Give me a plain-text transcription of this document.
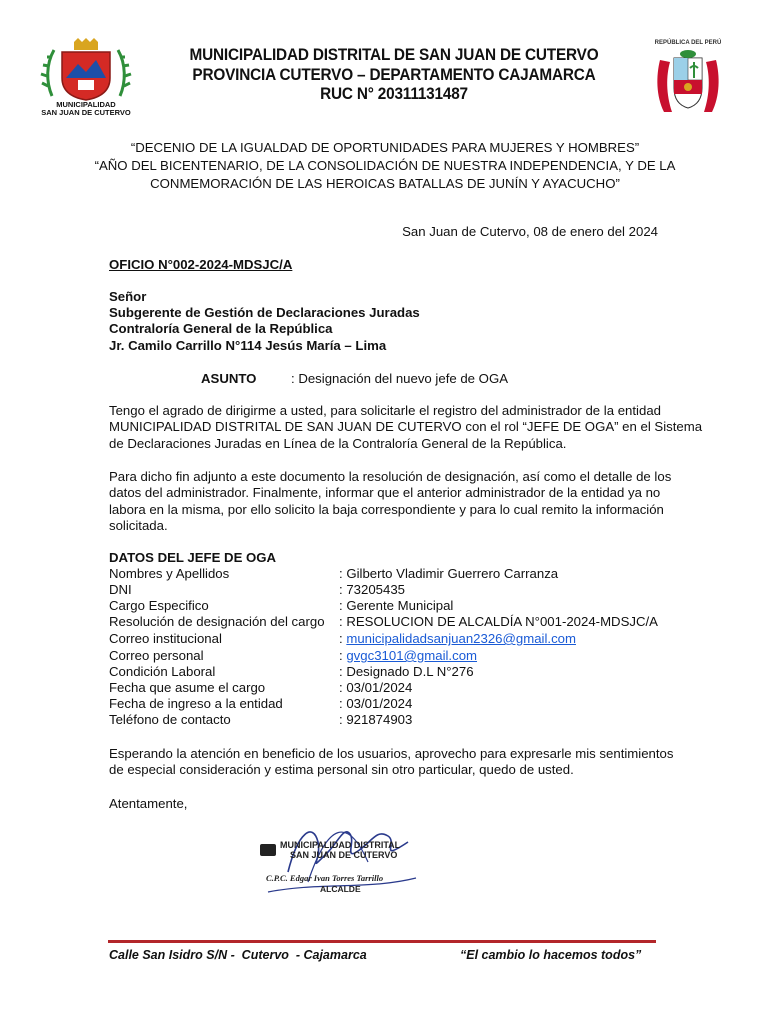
MUNICIPALIDAD
SAN JUAN DE CUTERVO
MUNICIPALIDAD DISTRITAL DE SAN JUAN DE CUTERVO
PROVINCIA CUTERVO – DEPARTAMENTO CAJAMARCA
RUC N° 20311131487
REPÚBLICA DEL PERÚ
“DECENIO DE LA IGUALDAD DE OPORTUNIDADES PARA MUJERES Y HOMBRES”
“AÑO DEL BICENTENARIO, DE LA CONSOLIDACIÓN DE NUESTRA INDEPENDENCIA, Y DE LA
CONMEMORACIÓN DE LAS HEROICAS BATALLAS DE JUNÍN Y AYACUCHO”
San Juan de Cutervo, 08 de enero del 2024
OFICIO N°002-2024-MDSJC/A
Señor
Subgerente de Gestión de Declaraciones Juradas
Contraloría General de la República
Jr. Camilo Carrillo N°114 Jesús María – Lima
ASUNTO	: Designación del nuevo jefe de OGA
Tengo el agrado de dirigirme a usted, para solicitarle el registro del administrador de la entidad
MUNICIPALIDAD DISTRITAL DE SAN JUAN DE CUTERVO con el rol “JEFE DE OGA” en el Sistema
de Declaraciones Juradas en Línea de la Contraloría General de la República.
Para dicho fin adjunto a este documento la resolución de designación, así como el detalle de los
datos del administrador. Finalmente, informar que el anterior administrador de la entidad ya no
labora en la misma, por ello solicito la baja correspondiente y para lo cual remito la información
solicitada.
DATOS DEL JEFE DE OGA
Nombres y Apellidos	: Gilberto Vladimir Guerrero Carranza
DNI	: 73205435
Cargo Especifico	: Gerente Municipal
Resolución de designación del cargo : RESOLUCION DE ALCALDÍA N°001-2024-MDSJC/A
Correo institucional	: municipalidadsanjuan2326@gmail.com
Correo personal	: gvgc3101@gmail.com
Condición Laboral	: Designado D.L N°276
Fecha que asume el cargo	: 03/01/2024
Fecha de ingreso a la entidad	: 03/01/2024
Teléfono de contacto	: 921874903
Esperando la atención en beneficio de los usuarios, aprovecho para expresarle mis sentimientos
de especial consideración y estima personal sin otro particular, quedo de usted.
Atentamente,
MUNICIPALIDAD DISTRITAL
SAN JUAN DE CUTERVO
C.P.C. Edgar Ivan Torres Tarrillo
ALCALDE
Calle San Isidro S/N -  Cutervo  - Cajamarca	“El cambio lo hacemos todos”
